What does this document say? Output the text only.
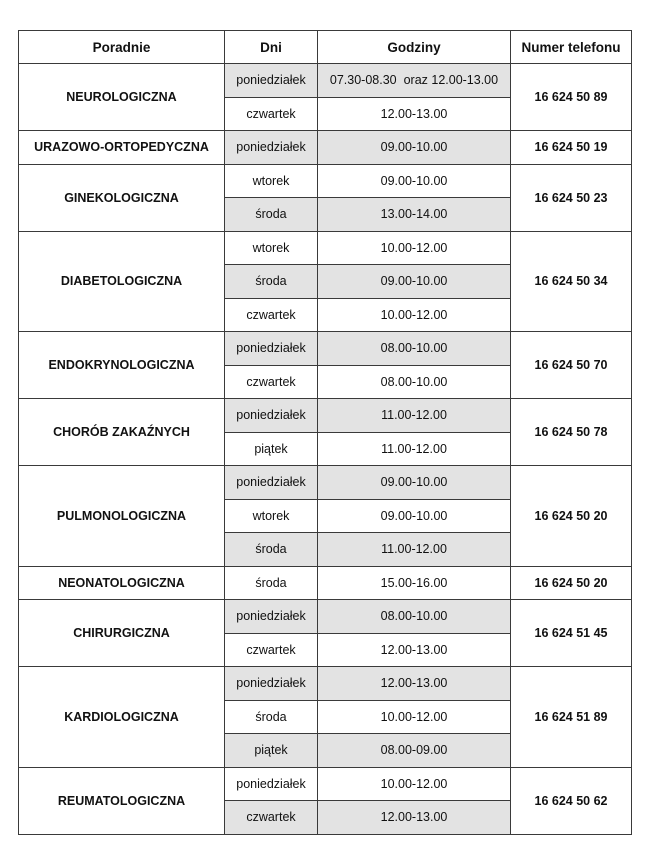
Poradnie	Dni	Godziny	Numer telefonu
NEUROLOGICZNA	poniedziałek	07.30-08.30  oraz 12.00-13.00	16 624 50 89
	czwartek	12.00-13.00	
URAZOWO-ORTOPEDYCZNA	poniedziałek	09.00-10.00	16 624 50 19
GINEKOLOGICZNA	wtorek	09.00-10.00	16 624 50 23
	środa	13.00-14.00	
DIABETOLOGICZNA	wtorek	10.00-12.00	16 624 50 34
	środa	09.00-10.00	
	czwartek	10.00-12.00	
ENDOKRYNOLOGICZNA	poniedziałek	08.00-10.00	16 624 50 70
	czwartek	08.00-10.00	
CHORÓB ZAKAŹNYCH	poniedziałek	11.00-12.00	16 624 50 78
	piątek	11.00-12.00	
PULMONOLOGICZNA	poniedziałek	09.00-10.00	16 624 50 20
	wtorek	09.00-10.00	
	środa	11.00-12.00	
NEONATOLOGICZNA	środa	15.00-16.00	16 624 50 20
CHIRURGICZNA	poniedziałek	08.00-10.00	16 624 51 45
	czwartek	12.00-13.00	
KARDIOLOGICZNA	poniedziałek	12.00-13.00	16 624 51 89
	środa	10.00-12.00	
	piątek	08.00-09.00	
REUMATOLOGICZNA	poniedziałek	10.00-12.00	16 624 50 62
	czwartek	12.00-13.00	
